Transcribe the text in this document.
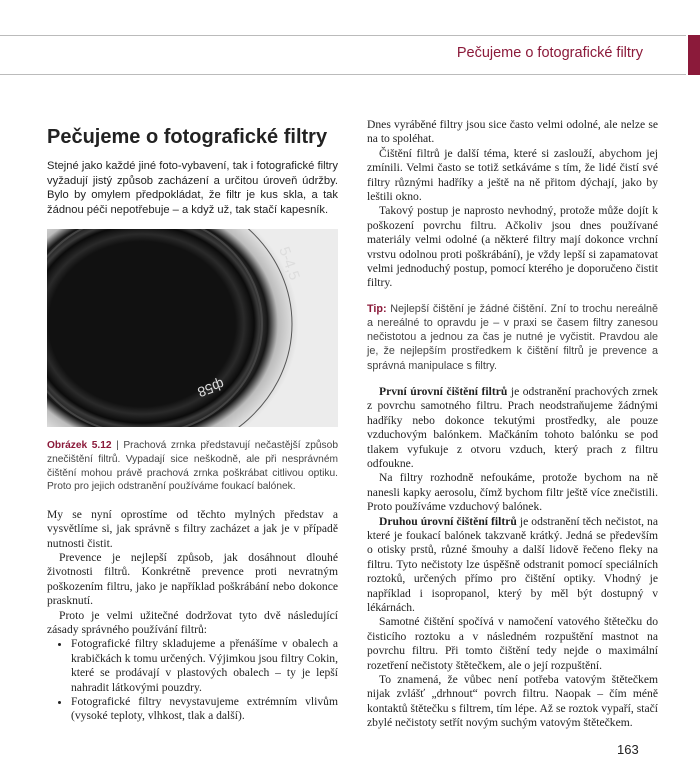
Pečujeme o fotografické filtry
Pečujeme o fotografické filtry

Stejné jako každé jiné foto-vybavení, tak i fotografické filtry vyžadují jistý způsob zacházení a určitou úroveň údržby. Bylo by omylem předpokládat, že filtr je kus skla, a tak žádnou péči nepotřebuje – a když už, tak stačí kapesník.

5-4,5
ф58
Obrázek 5.12 | Prachová zrnka představují nečastější způsob znečištění filtrů. Vypadají sice neškodně, ale při nesprávném čištění mohou právě prachová zrnka poškrábat citlivou optiku. Proto pro jejich odstranění používáme foukací balónek.

My se nyní oprostíme od těchto mylných představ a vysvětlíme si, jak správně s filtry zacházet a jak je v případě nutnosti čistit.

Prevence je nejlepší způsob, jak dosáhnout dlouhé životnosti filtrů. Konkrétně prevence proti nevratným poškozením filtru, jako je například poškrábání nebo dokonce prasknutí.

Proto je velmi užitečné dodržovat tyto dvě následující zásady správného používání filtrů:

• Fotografické filtry skladujeme a přenášíme v obalech a krabičkách k tomu určených. Výjimkou jsou filtry Cokin, které se prodávají v plastových obalech – ty je lepší nahradit látkovými pouzdry.
• Fotografické filtry nevystavujeme extrémním vlivům (vysoké teploty, vlhkost, tlak a další).

Dnes vyráběné filtry jsou sice často velmi odolné, ale nelze se na to spoléhat.

Čištění filtrů je další téma, které si zaslouží, abychom jej zmínili. Velmi často se totiž setkáváme s tím, že lidé čistí své filtry různými hadříky a ještě na ně přitom dýchají, jako by leštili okno.

Takový postup je naprosto nevhodný, protože může dojít k poškození povrchu filtru. Ačkoliv jsou dnes používané materiály velmi odolné (a některé filtry mají dokonce vrchní vrstvu odolnou proti poškrábání), je vždy lepší si zapamatovat velmi jednoduchý postup, pomocí kterého je doporučeno čistit filtry.

Tip: Nejlepší čištění je žádné čištění. Zní to trochu nereálně a nereálné to opravdu je – v praxi se časem filtry zanesou nečistotou a jednou za čas je nutné je vyčistit. Pravdou ale je, že nejlepším prostředkem k čištění filtrů je prevence a správná manipulace s filtry.

První úrovní čištění filtrů je odstranění prachových zrnek z povrchu samotného filtru. Prach neodstraňujeme žádnými hadříky nebo dokonce tekutými prostředky, ale pouze vzduchovým balónkem. Mačkáním tohoto balónku se pod tlakem vyfukuje z otvoru vzduch, který prach z filtru odfoukne.

Na filtry rozhodně nefoukáme, protože bychom na ně nanesli kapky aerosolu, čímž bychom filtr ještě více znečistili. Proto používáme vzduchový balónek.

Druhou úrovní čištění filtrů je odstranění těch nečistot, na které je foukací balónek takzvaně krátký. Jedná se především o otisky prstů, různé šmouhy a další lidově řečeno fleky na filtru. Tyto nečistoty lze úspěšně odstranit pomocí speciálních roztoků, určených přímo pro čištění optiky. Vhodný je například i isopropanol, který by měl být dostupný v lékárnách.

Samotné čištění spočívá v namočení vatového štětečku do čisticího roztoku a v následném rozpuštění mastnot na povrchu filtru. Při tomto čištění tedy nejde o maximální rozetření nečistoty štětečkem, ale o její rozpuštění.

To znamená, že vůbec není potřeba vatovým štětečkem nijak zvlášť „drhnout“ povrch filtru. Naopak – čím méně kontaktů štětečku s filtrem, tím lépe. Až se roztok vypaří, stačí zbylé nečistoty setřít novým suchým vatovým štětečkem.

163
